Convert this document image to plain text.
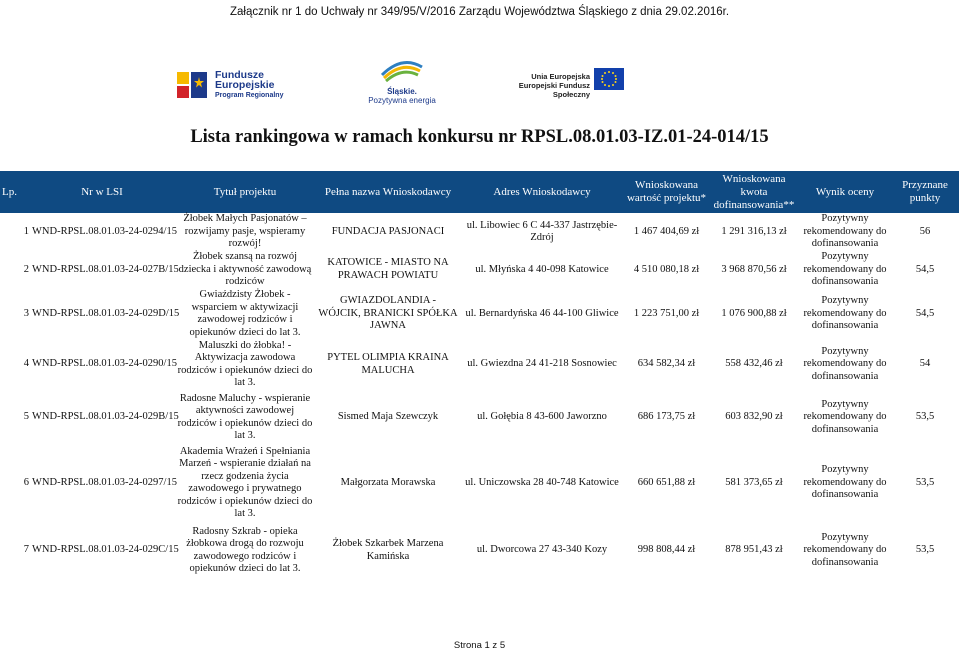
Załącznik nr 1 do Uchwały nr 349/95/V/2016 Zarządu Województwa Śląskiego z dnia 29.02.2016r.
Fundusze
Europejskie
Program Regionalny	Śląskie.
Pozytywna energia
Unia Europejska
Europejski Fundusz Społeczny
Lista rankingowa w ramach konkursu nr RPSL.08.01.03-IZ.01-24-014/15
Lp.	Nr w LSI	Tytuł projektu	Pełna nazwa Wnioskodawcy	Adres Wnioskodawcy	Wnioskowana wartość projektu*	Wnioskowana kwota dofinansowania**	Wynik oceny	Przyznane punkty
1	WND-RPSL.08.01.03-24-0294/15	Żłobek Małych Pasjonatów – rozwijamy pasje, wspieramy rozwój!	FUNDACJA PASJONACI	ul. Libowiec 6 C 44-337 Jastrzębie-Zdrój	1 467 404,69 zł	1 291 316,13 zł	Pozytywny rekomendowany do dofinansowania	56
2	WND-RPSL.08.01.03-24-027B/15	Żłobek szansą na rozwój dziecka i aktywność zawodową rodziców	KATOWICE - MIASTO NA PRAWACH POWIATU	ul. Młyńska 4 40-098 Katowice	4 510 080,18 zł	3 968 870,56 zł	Pozytywny rekomendowany do dofinansowania	54,5
3	WND-RPSL.08.01.03-24-029D/15	Gwiaździsty Żłobek - wsparciem w aktywizacji zawodowej rodziców i opiekunów dzieci do lat 3.	GWIAZDOLANDIA - WÓJCIK, BRANICKI SPÓŁKA JAWNA	ul. Bernardyńska 46 44-100 Gliwice	1 223 751,00 zł	1 076 900,88 zł	Pozytywny rekomendowany do dofinansowania	54,5
4	WND-RPSL.08.01.03-24-0290/15	Maluszki do żłobka! - Aktywizacja zawodowa rodziców i opiekunów dzieci do lat 3.	PYTEL OLIMPIA KRAINA MALUCHA	ul. Gwiezdna 24 41-218 Sosnowiec	634 582,34 zł	558 432,46 zł	Pozytywny rekomendowany do dofinansowania	54
5	WND-RPSL.08.01.03-24-029B/15	Radosne Maluchy - wspieranie aktywności zawodowej rodziców i opiekunów dzieci do lat 3.	Sismed Maja Szewczyk	ul. Gołębia 8 43-600 Jaworzno	686 173,75 zł	603 832,90 zł	Pozytywny rekomendowany do dofinansowania	53,5
6	WND-RPSL.08.01.03-24-0297/15	Akademia Wrażeń i Spełniania Marzeń - wspieranie działań na rzecz godzenia życia zawodowego i prywatnego rodziców i opiekunów dzieci do lat 3.	Małgorzata Morawska	ul. Uniczowska 28 40-748 Katowice	660 651,88 zł	581 373,65 zł	Pozytywny rekomendowany do dofinansowania	53,5
7	WND-RPSL.08.01.03-24-029C/15	Radosny Szkrab - opieka żłobkowa drogą do rozwoju zawodowego rodziców i opiekunów dzieci do lat 3.	Żłobek Szkarbek Marzena Kamińska	ul. Dworcowa 27 43-340 Kozy	998 808,44 zł	878 951,43 zł	Pozytywny rekomendowany do dofinansowania	53,5
Strona 1 z 5
